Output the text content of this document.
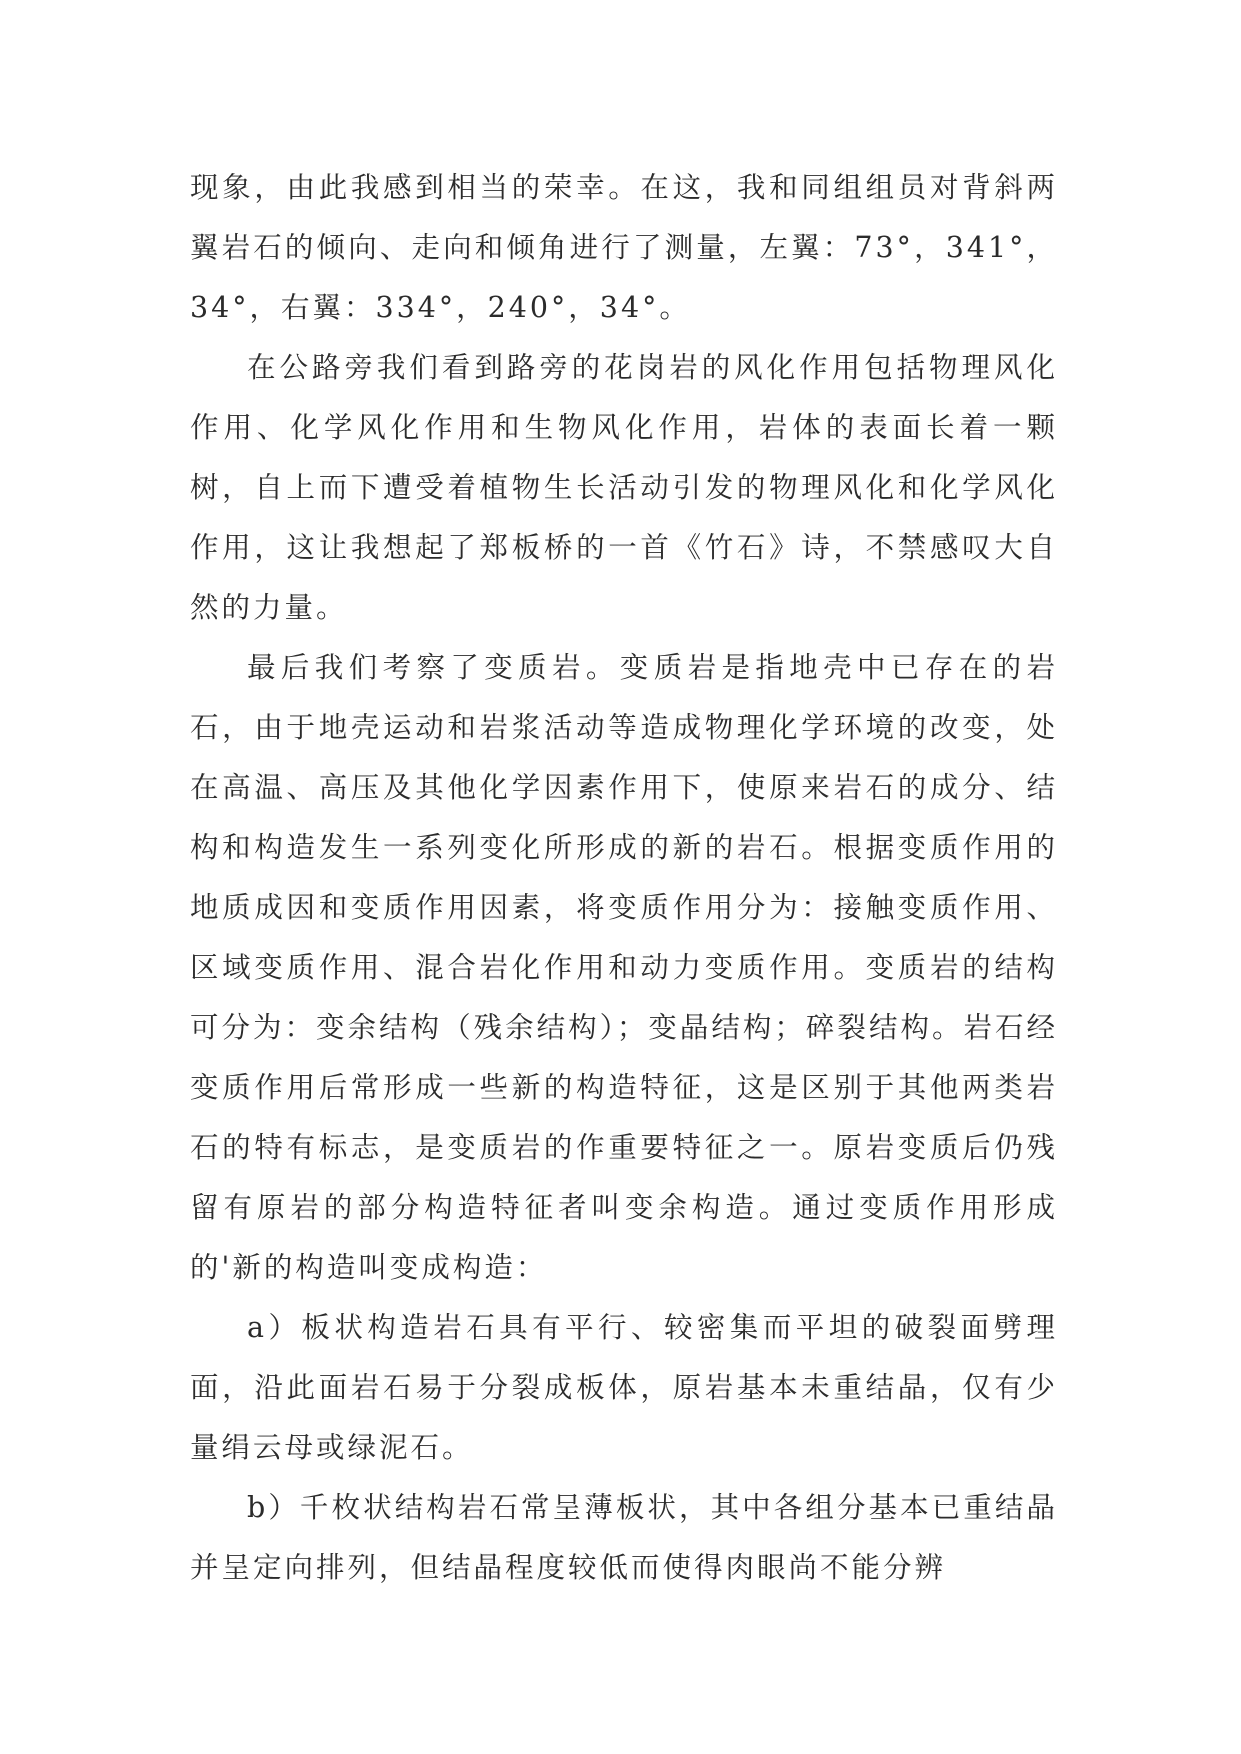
现象，由此我感到相当的荣幸。在这，我和同组组员对背斜两翼岩石的倾向、走向和倾角进行了测量，左翼：73°，341°，34°，右翼：334°，240°，34°。

在公路旁我们看到路旁的花岗岩的风化作用包括物理风化作用、化学风化作用和生物风化作用，岩体的表面长着一颗树，自上而下遭受着植物生长活动引发的物理风化和化学风化作用，这让我想起了郑板桥的一首《竹石》诗，不禁感叹大自然的力量。

最后我们考察了变质岩。变质岩是指地壳中已存在的岩石，由于地壳运动和岩浆活动等造成物理化学环境的改变，处在高温、高压及其他化学因素作用下，使原来岩石的成分、结构和构造发生一系列变化所形成的新的岩石。根据变质作用的地质成因和变质作用因素，将变质作用分为：接触变质作用、区域变质作用、混合岩化作用和动力变质作用。变质岩的结构可分为：变余结构（残余结构）；变晶结构；碎裂结构。岩石经变质作用后常形成一些新的构造特征，这是区别于其他两类岩石的特有标志，是变质岩的作重要特征之一。原岩变质后仍残留有原岩的部分构造特征者叫变余构造。通过变质作用形成的'新的构造叫变成构造：

a）板状构造岩石具有平行、较密集而平坦的破裂面劈理面，沿此面岩石易于分裂成板体，原岩基本未重结晶，仅有少量绢云母或绿泥石。

b）千枚状结构岩石常呈薄板状，其中各组分基本已重结晶并呈定向排列，但结晶程度较低而使得肉眼尚不能分辨
